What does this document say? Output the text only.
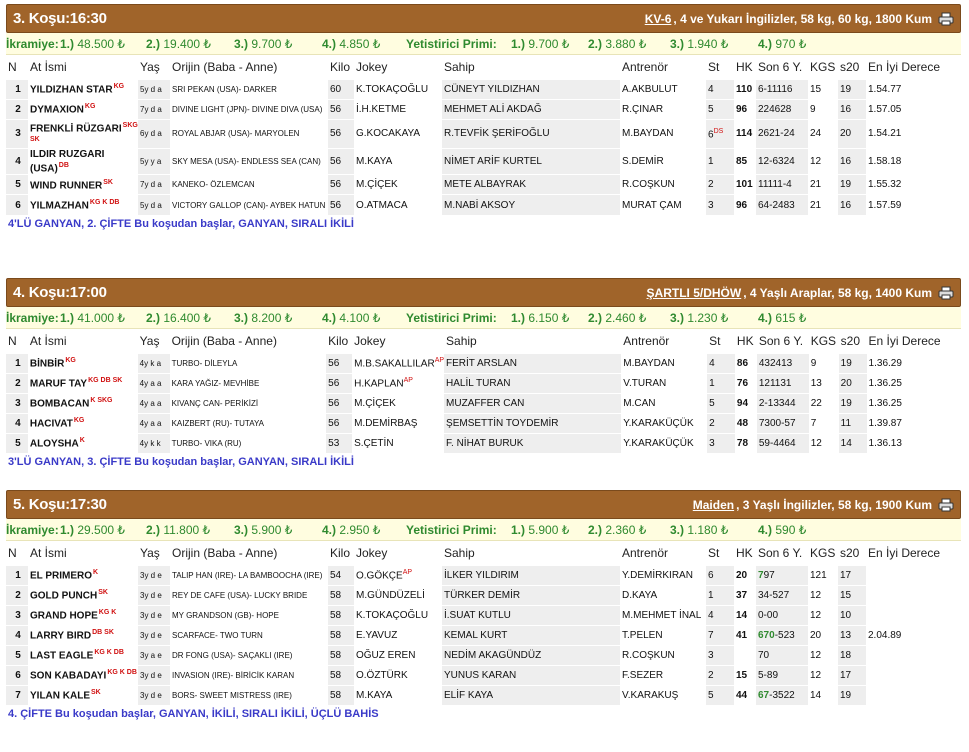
3. Koşu:16:30	KV-6 , 4 ve Yukarı İngilizler, 58 kg, 60 kg, 1800 Kum
İkramiye: 1.) 48.500 ₺ 2.) 19.400 ₺ 3.) 9.700 ₺ 4.) 4.850 ₺ Yetistirici Primi: 1.) 9.700 ₺ 2.) 3.880 ₺ 3.) 1.940 ₺ 4.) 970 ₺
N	At İsmi	Yaş	Orijin (Baba - Anne)	Kilo	Jokey	Sahip	Antrenör	St	HK	Son 6 Y.	KGS	s20	En İyi Derece
1	YILDIZHAN $STAR^{KG}$	5y d a	SRI PEKAN (USA)- DARKER	60	K.TOKAÇOĞLU	CÜNEYT YILDIZHAN	A.AKBULUT	4	110	6-11116	15	19	1.54.77
2	$DYMAXION^{KG}$	7y d a	DIVINE LIGHT (JPN)- DIVINE DIVA (USA)	56	İ.H.KETME	MEHMET ALİ AKDAĞ	R.ÇINAR	5	96	224628	9	16	1.57.05
3	FRENKLİ $RÜZGARI^{SKG SK}$	6y d a	ROYAL ABJAR (USA)- MARYOLEN	56	G.KOCAKAYA	R.TEVFİK ŞERİFOĞLU	M.BAYDAN	$6^{DS}$	114	2621-24	24	20	1.54.21
4	ILDIR RUZGARI (USA)$^{DB}$	5y y a	SKY MESA (USA)- ENDLESS SEA (CAN)	56	M.KAYA	NİMET ARİF KURTEL	S.DEMİR	1	85	12-6324	12	16	1.58.18
5	WIND $RUNNER^{SK}$	7y d a	KANEKO- ÖZLEMCAN	56	M.ÇİÇEK	METE ALBAYRAK	R.COŞKUN	2	101	11111-4	21	19	1.55.32
6	$YILMAZHAN^{KG K DB}$	5y d a	VICTORY GALLOP (CAN)- AYBEK HATUN	56	O.ATMACA	M.NABİ AKSOY	MURAT ÇAM	3	96	64-2483	21	16	1.57.59
4'LÜ GANYAN, 2. ÇİFTE Bu koşudan başlar, GANYAN, SIRALI İKİLİ
4. Koşu:17:00	ŞARTLI 5/DHÖW , 4 Yaşlı Araplar, 58 kg, 1400 Kum
İkramiye: 1.) 41.000 ₺ 2.) 16.400 ₺ 3.) 8.200 ₺ 4.) 4.100 ₺ Yetistirici Primi: 1.) 6.150 ₺ 2.) 2.460 ₺ 3.) 1.230 ₺ 4.) 615 ₺
N	At İsmi	Yaş	Orijin (Baba - Anne)	Kilo	Jokey	Sahip	Antrenör	St	HK	Son 6 Y.	KGS	s20	En İyi Derece
1	$BİNBİR^{KG}$	4y k a	TURBO- DİLEYLA	56	$M.B.SAKALLILAR^{AP}$	FERİT ARSLAN	M.BAYDAN	4	86	432413	9	19	1.36.29
2	MARUF $TAY^{KG DB SK}$	4y a a	KARA YAĞIZ- MEVHİBE	56	$H.KAPLAN^{AP}$	HALİL TURAN	V.TURAN	1	76	121131	13	20	1.36.25
3	$BOMBACAN^{K SKG}$	4y a a	KIVANÇ CAN- PERİKİZİ	56	M.ÇİÇEK	MUZAFFER CAN	M.CAN	5	94	2-13344	22	19	1.36.25
4	$HACIVAT^{KG}$	4y a a	KAIZBERT (RU)- TUTAYA	56	M.DEMİRBAŞ	ŞEMSETTİN TOYDEMİR	Y.KARAKÜÇÜK	2	48	7300-57	7	11	1.39.87
5	$ALOYSHA^K$	4y k k	TURBO- VIKA (RU)	53	S.ÇETİN	F. NİHAT BURUK	Y.KARAKÜÇÜK	3	78	59-4464	12	14	1.36.13
3'LÜ GANYAN, 3. ÇİFTE Bu koşudan başlar, GANYAN, SIRALI İKİLİ
5. Koşu:17:30	Maiden , 3 Yaşlı İngilizler, 58 kg, 1900 Kum
İkramiye: 1.) 29.500 ₺ 2.) 11.800 ₺ 3.) 5.900 ₺ 4.) 2.950 ₺ Yetistirici Primi: 1.) 5.900 ₺ 2.) 2.360 ₺ 3.) 1.180 ₺ 4.) 590 ₺
N	At İsmi	Yaş	Orijin (Baba - Anne)	Kilo	Jokey	Sahip	Antrenör	St	HK	Son 6 Y.	KGS	s20	En İyi Derece
1	EL $PRIMERO^K$	3y d e	TALIP HAN (IRE)- LA BAMBOOCHA (IRE)	54	$O.GÖKÇE^{AP}$	İLKER YILDIRIM	Y.DEMİRKIRAN	6	20	797	121	17	
2	GOLD $PUNCH^{SK}$	3y d e	REY DE CAFE (USA)- LUCKY BRIDE	58	M.GÜNDÜZELİ	TÜRKER DEMİR	D.KAYA	1	37	34-527	12	15	
3	GRAND $HOPE^{KG K}$	3y d e	MY GRANDSON (GB)- HOPE	58	K.TOKAÇOĞLU	İ.SUAT KUTLU	M.MEHMET İNAL	4	14	0-00	12	10	
4	LARRY $BIRD^{DB SK}$	3y d e	SCARFACE- TWO TURN	58	E.YAVUZ	KEMAL KURT	T.PELEN	7	41	670-523	20	13	2.04.89
5	LAST $EAGLE^{KG K DB}$	3y a e	DR FONG (USA)- SAÇAKLI (IRE)	58	OĞUZ EREN	NEDİM AKAGÜNDÜZ	R.COŞKUN	3		70	12	18	
6	SON $KABADAYI^{KG K DB}$	3y d e	INVASION (IRE)- BİRİCİK KARAN	58	O.ÖZTÜRK	YUNUS KARAN	F.SEZER	2	15	5-89	12	17	
7	YILAN $KALE^{SK}$	3y d e	BORS- SWEET MISTRESS (IRE)	58	M.KAYA	ELİF KAYA	V.KARAKUŞ	5	44	67-3522	14	19	
4. ÇİFTE Bu koşudan başlar, GANYAN, İKİLİ, SIRALI İKİLİ, ÜÇLÜ BAHİS
